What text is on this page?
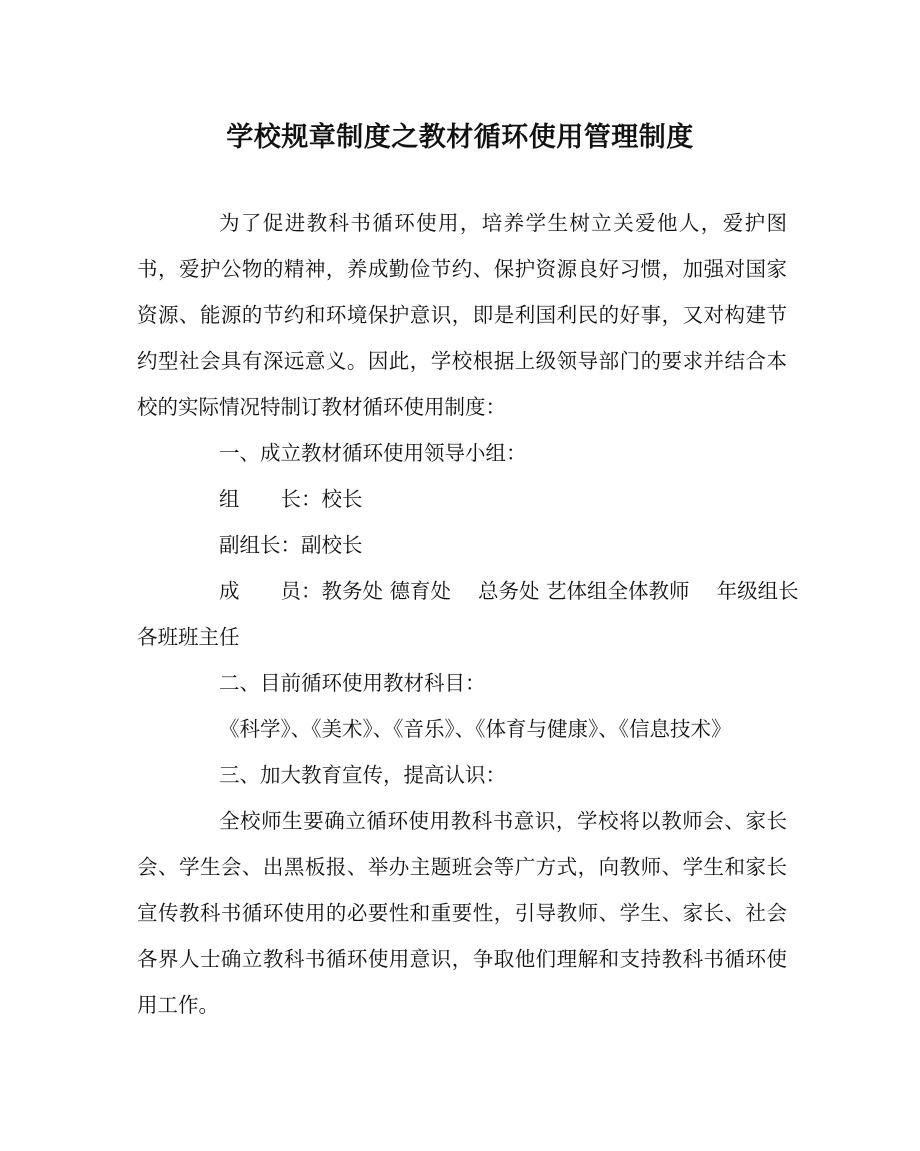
学校规章制度之教材循环使用管理制度

为了促进教科书循环使用，培养学生树立关爱他人，爱护图书，爱护公物的精神，养成勤俭节约、保护资源良好习惯，加强对国家资源、能源的节约和环境保护意识，即是利国利民的好事，又对构建节约型社会具有深远意义。因此，学校根据上级领导部门的要求并结合本校的实际情况特制订教材循环使用制度：

一、成立教材循环使用领导小组：

组　　长：校长

副组长：副校长

成　　员：教务处 德育处　 总务处 艺体组全体教师　 年级组长

各班班主任

二、目前循环使用教材科目：

《科学》、《美术》、《音乐》、《体育与健康》、《信息技术》

三、加大教育宣传，提高认识：

全校师生要确立循环使用教科书意识，学校将以教师会、家长会、学生会、出黑板报、举办主题班会等广方式，向教师、学生和家长宣传教科书循环使用的必要性和重要性，引导教师、学生、家长、社会各界人士确立教科书循环使用意识，争取他们理解和支持教科书循环使用工作。
